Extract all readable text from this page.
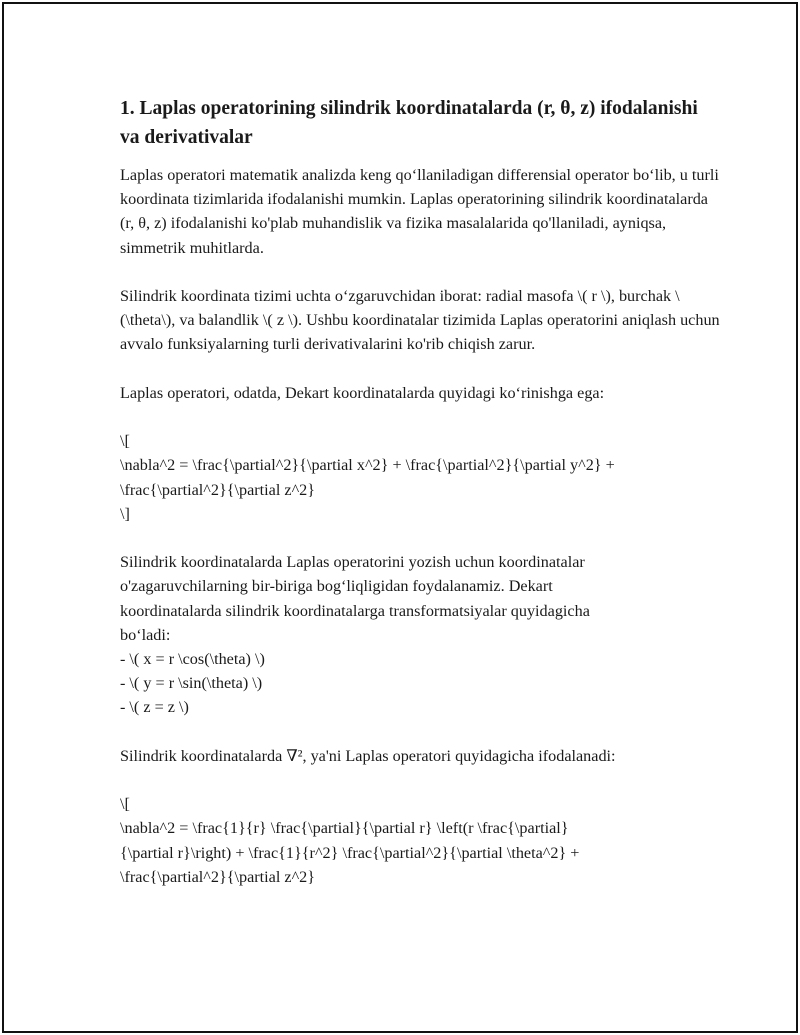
1. Laplas operatorining silindrik koordinatalarda (r, θ, z) ifodalanishi va derivativalar

Laplas operatori matematik analizda keng qoʻllaniladigan differensial operator boʻlib, u turli koordinata tizimlarida ifodalanishi mumkin. Laplas operatorining silindrik koordinatalarda (r, θ, z) ifodalanishi ko'plab muhandislik va fizika masalalarida qo'llaniladi, ayniqsa, simmetrik muhitlarda.

Silindrik koordinata tizimi uchta oʻzgaruvchidan iborat: radial masofa \( r \), burchak \(\theta\), va balandlik \( z \). Ushbu koordinatalar tizimida Laplas operatorini aniqlash uchun avvalo funksiyalarning turli derivativalarini ko'rib chiqish zarur.

Laplas operatori, odatda, Dekart koordinatalarda quyidagi koʻrinishga ega:

\[
\nabla^2 = \frac{\partial^2}{\partial x^2} + \frac{\partial^2}{\partial y^2} +
\frac{\partial^2}{\partial z^2}
\]

Silindrik koordinatalarda Laplas operatorini yozish uchun koordinatalar
o'zagaruvchilarning bir-biriga bogʻliqligidan foydalanamiz. Dekart
koordinatalarda silindrik koordinatalarga transformatsiyalar quyidagicha
boʻladi:
- \( x = r \cos(\theta) \)
- \( y = r \sin(\theta) \)
- \( z = z \)

Silindrik koordinatalarda ∇², ya'ni Laplas operatori quyidagicha ifodalanadi:

\[
\nabla^2 = \frac{1}{r} \frac{\partial}{\partial r} \left(r \frac{\partial}
{\partial r}\right) + \frac{1}{r^2} \frac{\partial^2}{\partial \theta^2} +
\frac{\partial^2}{\partial z^2}
